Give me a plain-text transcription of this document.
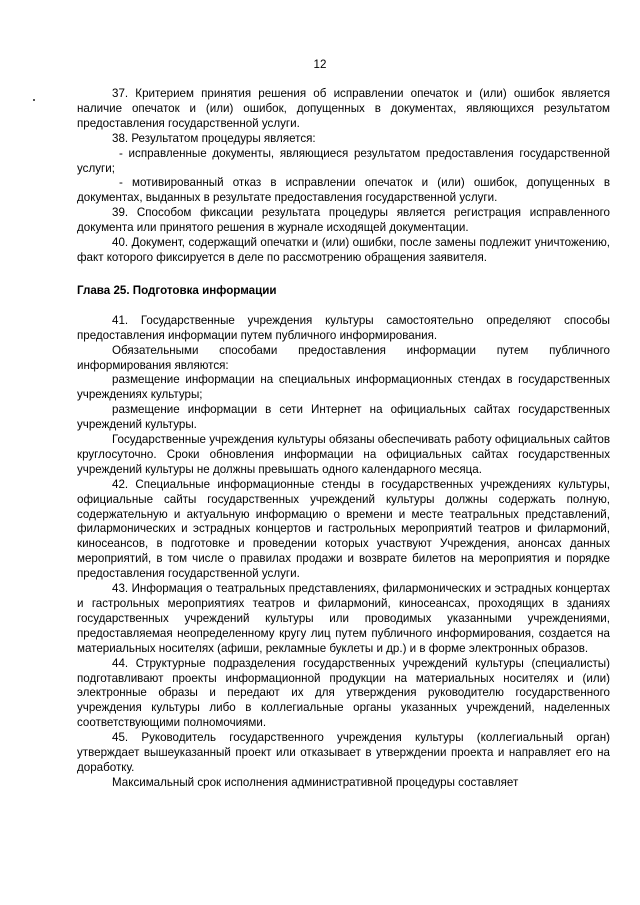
12

37. Критерием принятия решения об исправлении опечаток и (или) ошибок является наличие опечаток и (или) ошибок, допущенных в документах, являющихся результатом предоставления государственной услуги.

38. Результатом процедуры является:

- исправленные документы, являющиеся результатом предоставления государственной услуги;

- мотивированный отказ в исправлении опечаток и (или) ошибок, допущенных в документах, выданных в результате предоставления государственной услуги.

39. Способом фиксации результата процедуры является регистрация исправленного документа или принятого решения в журнале исходящей документации.

40. Документ, содержащий опечатки и (или) ошибки, после замены подлежит уничтожению, факт которого фиксируется в деле по рассмотрению обращения заявителя.

Глава 25. Подготовка информации

41. Государственные учреждения культуры самостоятельно определяют способы предоставления информации путем публичного информирования.

Обязательными способами предоставления информации путем публичного информирования являются:

размещение информации на специальных информационных стендах в государственных учреждениях культуры;

размещение информации в сети Интернет на официальных сайтах государственных учреждений культуры.

Государственные учреждения культуры обязаны обеспечивать работу официальных сайтов круглосуточно. Сроки обновления информации на официальных сайтах государственных учреждений культуры не должны превышать одного календарного месяца.

42. Специальные информационные стенды в государственных учреждениях культуры, официальные сайты государственных учреждений культуры должны содержать полную, содержательную и актуальную информацию о времени и месте театральных представлений, филармонических и эстрадных концертов и гастрольных мероприятий театров и филармоний, киносеансов, в подготовке и проведении которых участвуют Учреждения, анонсах данных мероприятий, в том числе о правилах продажи и возврате билетов на мероприятия и порядке предоставления государственной услуги.

43. Информация о театральных представлениях, филармонических и эстрадных концертах и гастрольных мероприятиях театров и филармоний, киносеансах, проходящих в зданиях государственных учреждений культуры или проводимых указанными учреждениями, предоставляемая неопределенному кругу лиц путем публичного информирования, создается на материальных носителях (афиши, рекламные буклеты и др.) и в форме электронных образов.

44. Структурные подразделения государственных учреждений культуры (специалисты) подготавливают проекты информационной продукции на материальных носителях и (или) электронные образы и передают их для утверждения руководителю государственного учреждения культуры либо в коллегиальные органы указанных учреждений, наделенных соответствующими полномочиями.

45. Руководитель государственного учреждения культуры (коллегиальный орган) утверждает вышеуказанный проект или отказывает в утверждении проекта и направляет его на доработку.

Максимальный срок исполнения административной процедуры составляет
